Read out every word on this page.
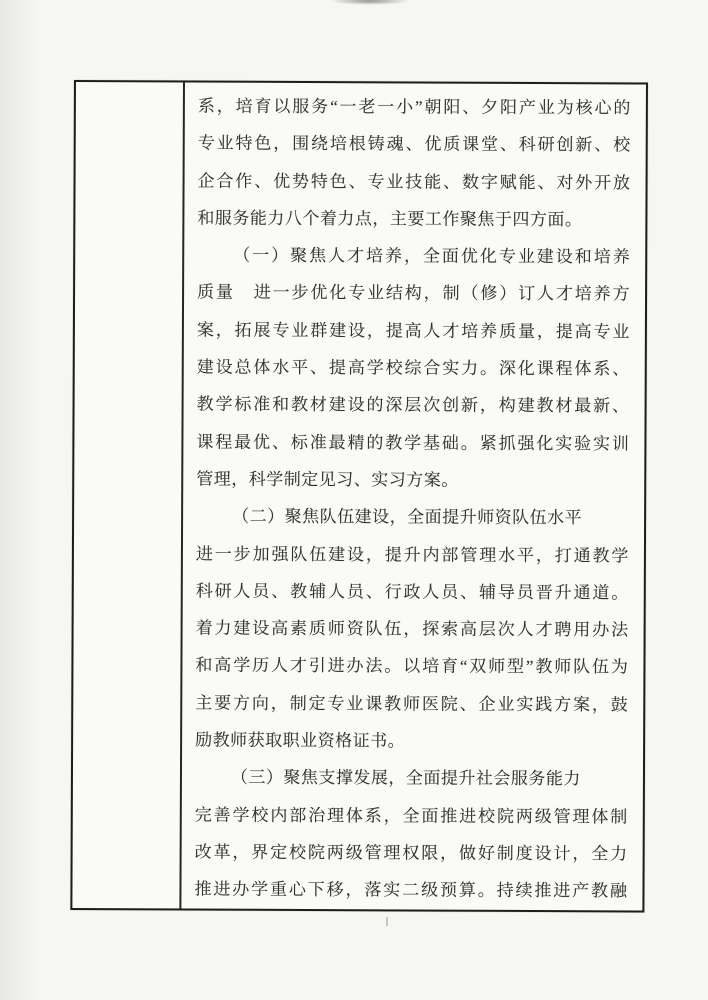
系，培育以服务“一老一小”朝阳、夕阳产业为核心的
专业特色，围绕培根铸魂、优质课堂、科研创新、校
企合作、优势特色、专业技能、数字赋能、对外开放
和服务能力八个着力点，主要工作聚焦于四方面。
（一）聚焦人才培养，全面优化专业建设和培养
质量　进一步优化专业结构，制（修）订人才培养方
案，拓展专业群建设，提高人才培养质量，提高专业
建设总体水平、提高学校综合实力。深化课程体系、
教学标准和教材建设的深层次创新，构建教材最新、
课程最优、标准最精的教学基础。紧抓强化实验实训
管理，科学制定见习、实习方案。
（二）聚焦队伍建设，全面提升师资队伍水平
进一步加强队伍建设，提升内部管理水平，打通教学
科研人员、教辅人员、行政人员、辅导员晋升通道。
着力建设高素质师资队伍，探索高层次人才聘用办法
和高学历人才引进办法。以培育“双师型”教师队伍为
主要方向，制定专业课教师医院、企业实践方案，鼓
励教师获取职业资格证书。
（三）聚焦支撑发展，全面提升社会服务能力
完善学校内部治理体系，全面推进校院两级管理体制
改革，界定校院两级管理权限，做好制度设计，全力
推进办学重心下移，落实二级预算。持续推进产教融
